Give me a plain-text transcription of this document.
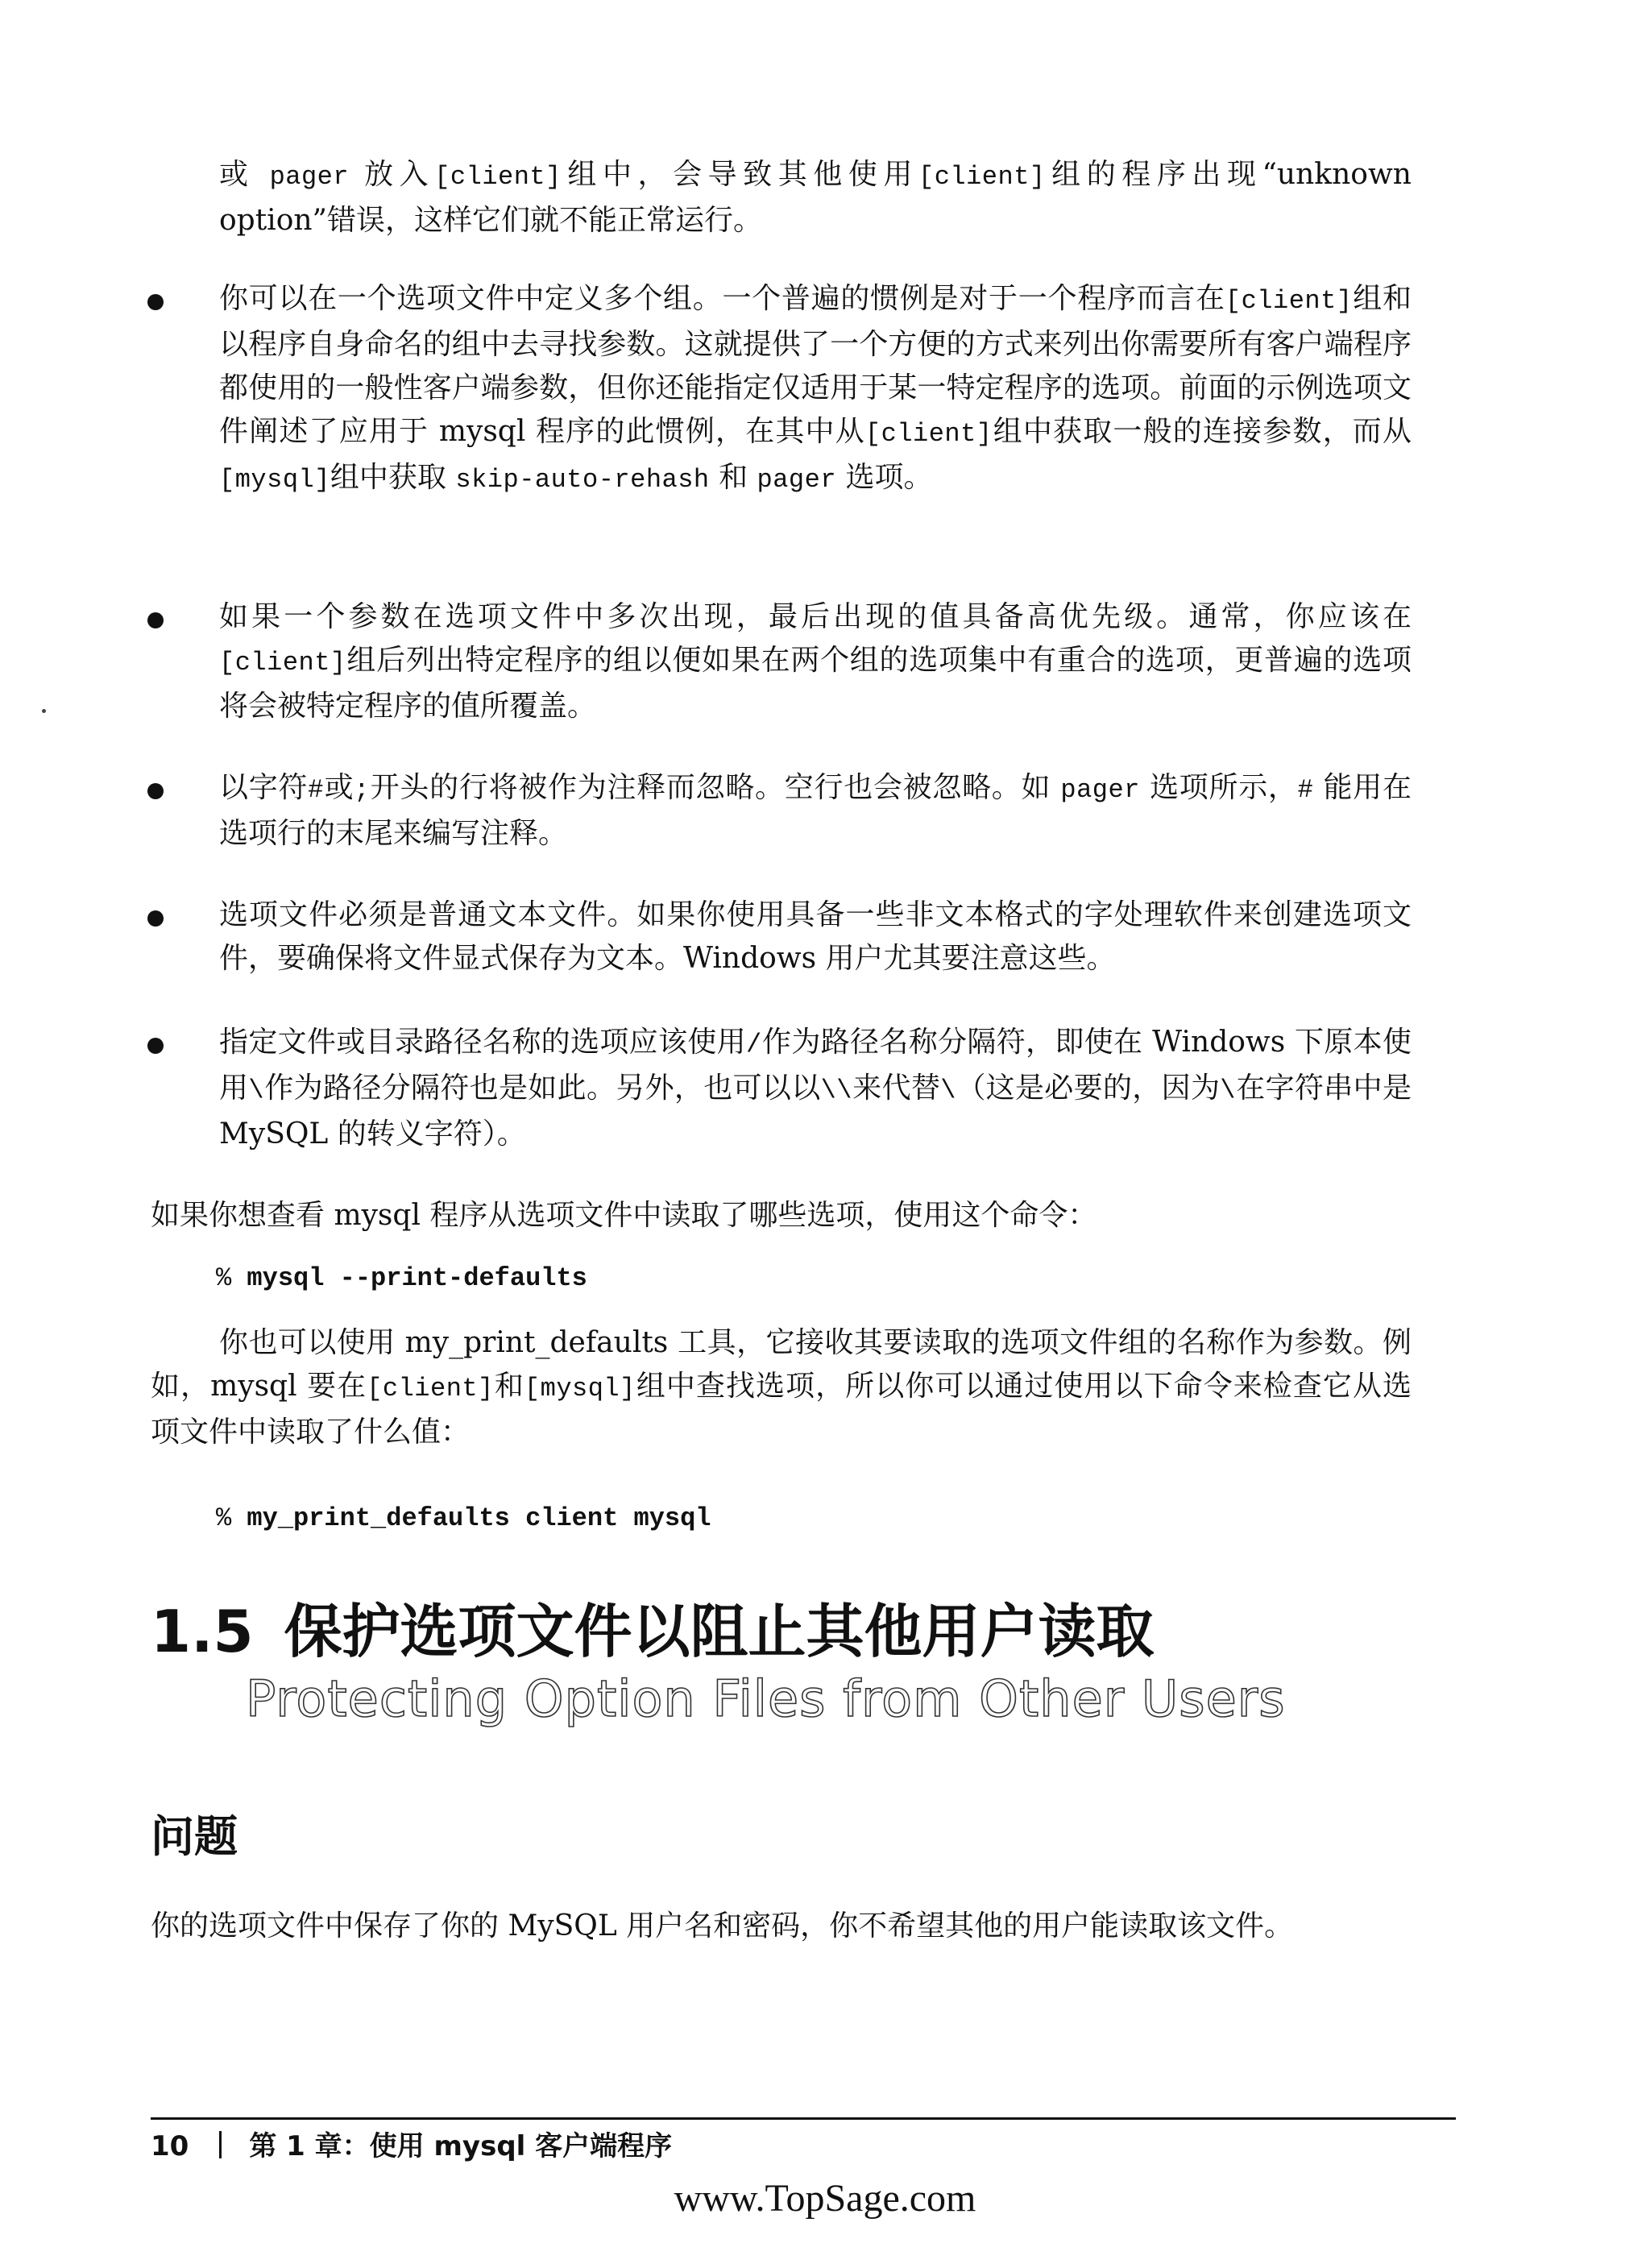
或 pager 放入[client]组中，会导致其他使用[client]组的程序出现“unknown option”错误，这样它们就不能正常运行。
你可以在一个选项文件中定义多个组。一个普遍的惯例是对于一个程序而言在[client]组和以程序自身命名的组中去寻找参数。这就提供了一个方便的方式来列出你需要所有客户端程序都使用的一般性客户端参数，但你还能指定仅适用于某一特定程序的选项。前面的示例选项文件阐述了应用于 mysql 程序的此惯例，在其中从[client]组中获取一般的连接参数，而从[mysql]组中获取 skip-auto-rehash 和 pager 选项。
如果一个参数在选项文件中多次出现，最后出现的值具备高优先级。通常，你应该在[client]组后列出特定程序的组以便如果在两个组的选项集中有重合的选项，更普遍的选项将会被特定程序的值所覆盖。
以字符#或;开头的行将被作为注释而忽略。空行也会被忽略。如 pager 选项所示，# 能用在选项行的末尾来编写注释。
选项文件必须是普通文本文件。如果你使用具备一些非文本格式的字处理软件来创建选项文件，要确保将文件显式保存为文本。Windows 用户尤其要注意这些。
指定文件或目录路径名称的选项应该使用/作为路径名称分隔符，即使在 Windows 下原本使用\作为路径分隔符也是如此。另外，也可以以\\来代替\（这是必要的，因为\在字符串中是 MySQL 的转义字符）。
如果你想查看 mysql 程序从选项文件中读取了哪些选项，使用这个命令：
% mysql --print-defaults
你也可以使用 my_print_defaults 工具，它接收其要读取的选项文件组的名称作为参数。例如，mysql 要在[client]和[mysql]组中查找选项，所以你可以通过使用以下命令来检查它从选项文件中读取了什么值：
% my_print_defaults client mysql
1.5 保护选项文件以阻止其他用户读取
Protecting Option Files from Other Users
问题
你的选项文件中保存了你的 MySQL 用户名和密码，你不希望其他的用户能读取该文件。
10 第 1 章：使用 mysql 客户端程序
www.TopSage.com
